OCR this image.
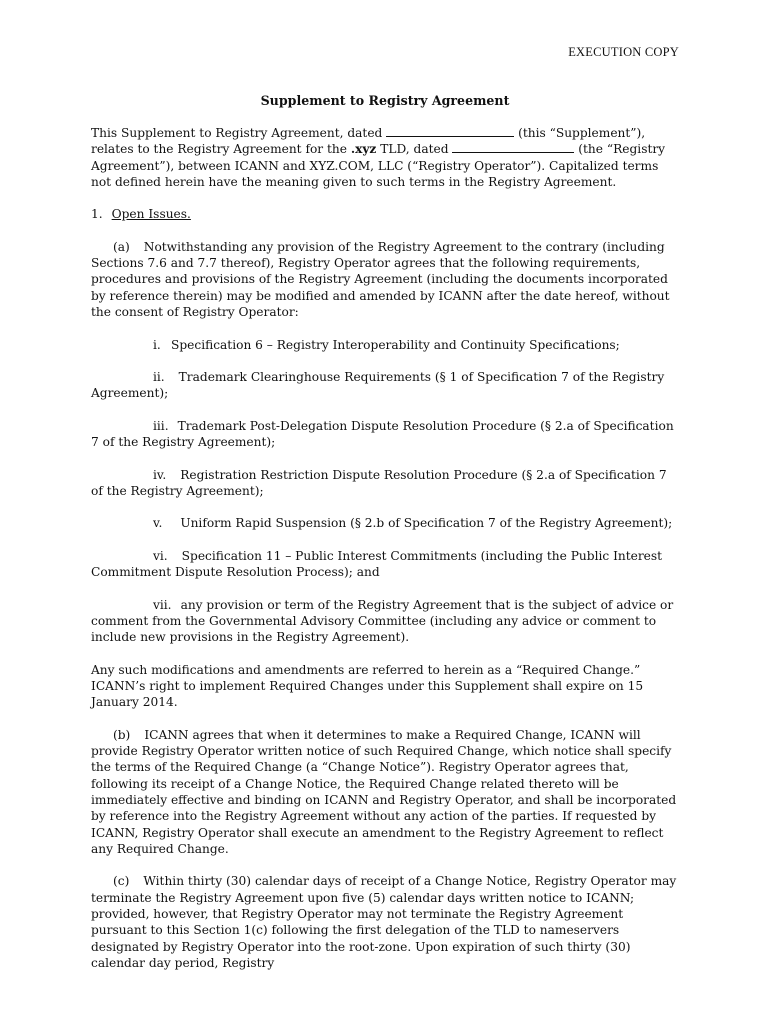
EXECUTION COPY
Supplement to Registry Agreement

This Supplement to Registry Agreement, dated	(this “Supplement”), relates to the Registry Agreement for the .xyz TLD, dated	(the “Registry Agreement”), between ICANN and XYZ.COM, LLC (“Registry Operator”). Capitalized terms not defined herein have the meaning given to such terms in the Registry Agreement.

1. Open Issues.

(a) Notwithstanding any provision of the Registry Agreement to the contrary (including Sections 7.6 and 7.7 thereof), Registry Operator agrees that the following requirements, procedures and provisions of the Registry Agreement (including the documents incorporated by reference therein) may be modified and amended by ICANN after the date hereof, without the consent of Registry Operator:

i. Specification 6 – Registry Interoperability and Continuity Specifications;

ii. Trademark Clearinghouse Requirements (§ 1 of Specification 7 of the Registry Agreement);

iii. Trademark Post-Delegation Dispute Resolution Procedure (§ 2.a of Specification 7 of the Registry Agreement);

iv. Registration Restriction Dispute Resolution Procedure (§ 2.a of Specification 7 of the Registry Agreement);

v. Uniform Rapid Suspension (§ 2.b of Specification 7 of the Registry Agreement);

vi. Specification 11 – Public Interest Commitments (including the Public Interest Commitment Dispute Resolution Process); and

vii. any provision or term of the Registry Agreement that is the subject of advice or comment from the Governmental Advisory Committee (including any advice or comment to include new provisions in the Registry Agreement).

Any such modifications and amendments are referred to herein as a “Required Change.” ICANN’s right to implement Required Changes under this Supplement shall expire on 15 January 2014.

(b) ICANN agrees that when it determines to make a Required Change, ICANN will provide Registry Operator written notice of such Required Change, which notice shall specify the terms of the Required Change (a “Change Notice”). Registry Operator agrees that, following its receipt of a Change Notice, the Required Change related thereto will be immediately effective and binding on ICANN and Registry Operator, and shall be incorporated by reference into the Registry Agreement without any action of the parties. If requested by ICANN, Registry Operator shall execute an amendment to the Registry Agreement to reflect any Required Change.

(c) Within thirty (30) calendar days of receipt of a Change Notice, Registry Operator may terminate the Registry Agreement upon five (5) calendar days written notice to ICANN; provided, however, that Registry Operator may not terminate the Registry Agreement pursuant to this Section 1(c) following the first delegation of the TLD to nameservers designated by Registry Operator into the root-zone. Upon expiration of such thirty (30) calendar day period, Registry
